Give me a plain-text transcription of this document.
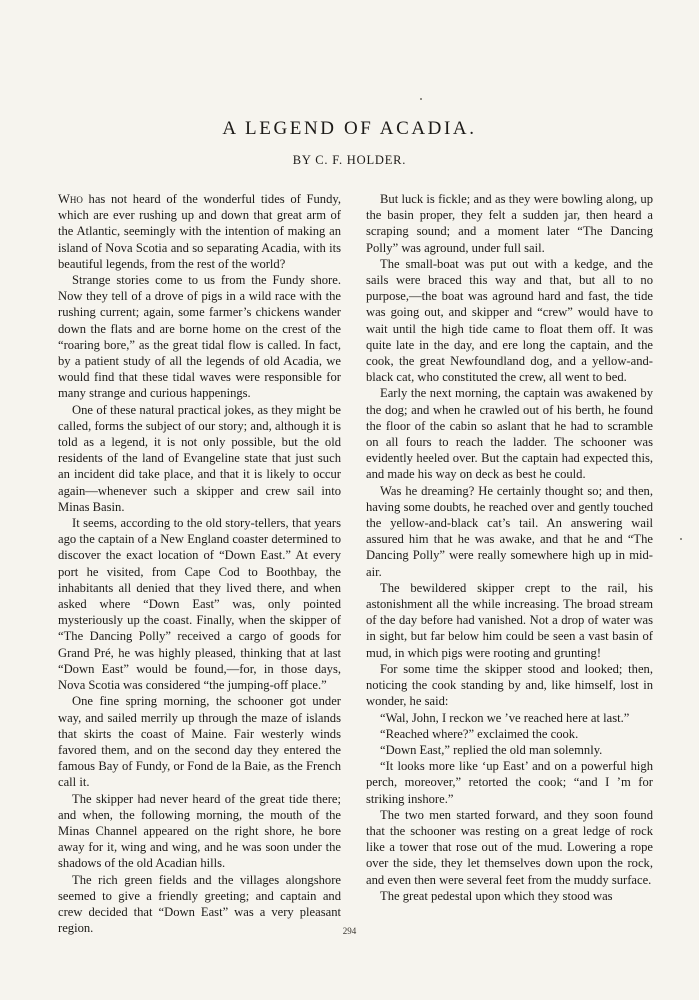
A LEGEND OF ACADIA.
BY C. F. HOLDER.

Who has not heard of the wonderful tides of Fundy, which are ever rushing up and down that great arm of the Atlantic, seemingly with the intention of making an island of Nova Scotia and so separating Acadia, with its beautiful legends, from the rest of the world?

Strange stories come to us from the Fundy shore. Now they tell of a drove of pigs in a wild race with the rushing current; again, some farmer’s chickens wander down the flats and are borne home on the crest of the “roaring bore,” as the great tidal flow is called. In fact, by a patient study of all the legends of old Acadia, we would find that these tidal waves were responsible for many strange and curious happenings.

One of these natural practical jokes, as they might be called, forms the subject of our story; and, although it is told as a legend, it is not only possible, but the old residents of the land of Evangeline state that just such an incident did take place, and that it is likely to occur again—whenever such a skipper and crew sail into Minas Basin.

It seems, according to the old story-tellers, that years ago the captain of a New England coaster determined to discover the exact location of “Down East.” At every port he visited, from Cape Cod to Boothbay, the inhabitants all denied that they lived there, and when asked where “Down East” was, only pointed mysteriously up the coast. Finally, when the skipper of “The Dancing Polly” received a cargo of goods for Grand Pré, he was highly pleased, thinking that at last “Down East” would be found,—for, in those days, Nova Scotia was considered “the jumping-off place.”

One fine spring morning, the schooner got under way, and sailed merrily up through the maze of islands that skirts the coast of Maine. Fair westerly winds favored them, and on the second day they entered the famous Bay of Fundy, or Fond de la Baie, as the French call it.

The skipper had never heard of the great tide there; and when, the following morning, the mouth of the Minas Channel appeared on the right shore, he bore away for it, wing and wing, and he was soon under the shadows of the old Acadian hills.

The rich green fields and the villages alongshore seemed to give a friendly greeting; and captain and crew decided that “Down East” was a very pleasant region.

But luck is fickle; and as they were bowling along, up the basin proper, they felt a sudden jar, then heard a scraping sound; and a moment later “The Dancing Polly” was aground, under full sail.

The small-boat was put out with a kedge, and the sails were braced this way and that, but all to no purpose,—the boat was aground hard and fast, the tide was going out, and skipper and “crew” would have to wait until the high tide came to float them off. It was quite late in the day, and ere long the captain, and the cook, the great Newfoundland dog, and a yellow-and-black cat, who constituted the crew, all went to bed.

Early the next morning, the captain was awakened by the dog; and when he crawled out of his berth, he found the floor of the cabin so aslant that he had to scramble on all fours to reach the ladder. The schooner was evidently heeled over. But the captain had expected this, and made his way on deck as best he could.

Was he dreaming? He certainly thought so; and then, having some doubts, he reached over and gently touched the yellow-and-black cat’s tail. An answering wail assured him that he was awake, and that he and “The Dancing Polly” were really somewhere high up in mid-air.

The bewildered skipper crept to the rail, his astonishment all the while increasing. The broad stream of the day before had vanished. Not a drop of water was in sight, but far below him could be seen a vast basin of mud, in which pigs were rooting and grunting!

For some time the skipper stood and looked; then, noticing the cook standing by and, like himself, lost in wonder, he said:

“Wal, John, I reckon we ’ve reached here at last.”

“Reached where?” exclaimed the cook.

“Down East,” replied the old man solemnly.

“It looks more like ‘up East’ and on a powerful high perch, moreover,” retorted the cook; “and I ’m for striking inshore.”

The two men started forward, and they soon found that the schooner was resting on a great ledge of rock like a tower that rose out of the mud. Lowering a rope over the side, they let themselves down upon the rock, and even then were several feet from the muddy surface.

The great pedestal upon which they stood was

294
